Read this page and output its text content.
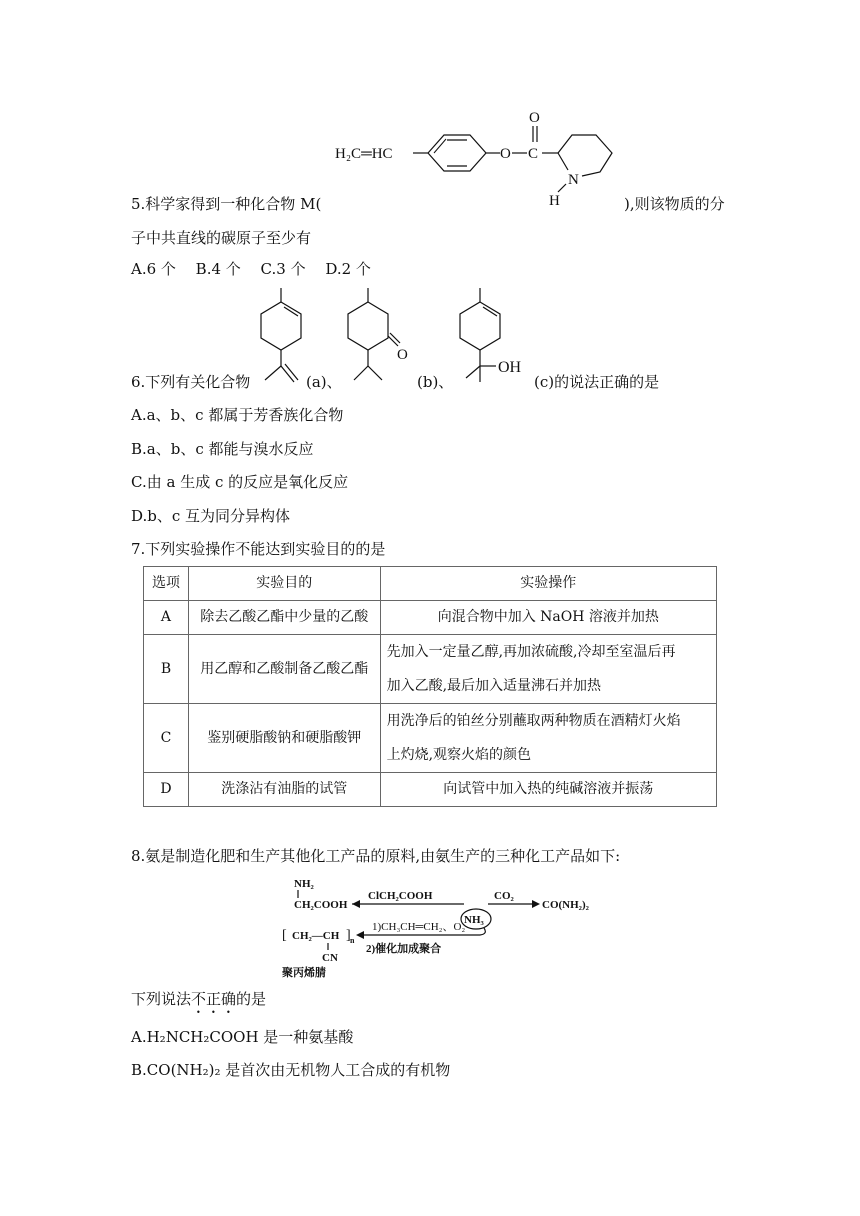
H₂C═HC	O C
O
N
H
5.科学家得到一种化合物 M(	),则该物质的分
子中共直线的碳原子至少有
A.6 个　 B.4 个　 C.3 个　 D.2 个
6.下列有关化合物	(a)、
O
(b)、
OH
(c)的说法正确的是
A.a、b、c 都属于芳香族化合物
B.a、b、c 都能与溴水反应
C.由 a 生成 c 的反应是氧化反应
D.b、c 互为同分异构体
7.下列实验操作不能达到实验目的的是
选项	实验目的	实验操作
A	除去乙酸乙酯中少量的乙酸	向混合物中加入 NaOH 溶液并加热
B	用乙醇和乙酸制备乙酸乙酯	先加入一定量乙醇,再加浓硫酸,冷却至室温后再
加入乙酸,最后加入适量沸石并加热

C	鉴别硬脂酸钠和硬脂酸钾	用洗净后的铂丝分别蘸取两种物质在酒精灯火焰
上灼烧,观察火焰的颜色

D	洗涤沾有油脂的试管	向试管中加入热的纯碱溶液并振荡
8.氨是制造化肥和生产其他化工产品的原料,由氨生产的三种化工产品如下:
NH₂
CH₂COOH
ClCH₂COOH
NH₃
CO₂
CO(NH₂)₂
1)CH₃CH═CH₂、O₂
2)催化加成聚合
[ CH₂—CH ] n
CN
聚丙烯腈
下列说法不正确的是
A.H₂NCH₂COOH 是一种氨基酸
B.CO(NH₂)₂ 是首次由无机物人工合成的有机物
